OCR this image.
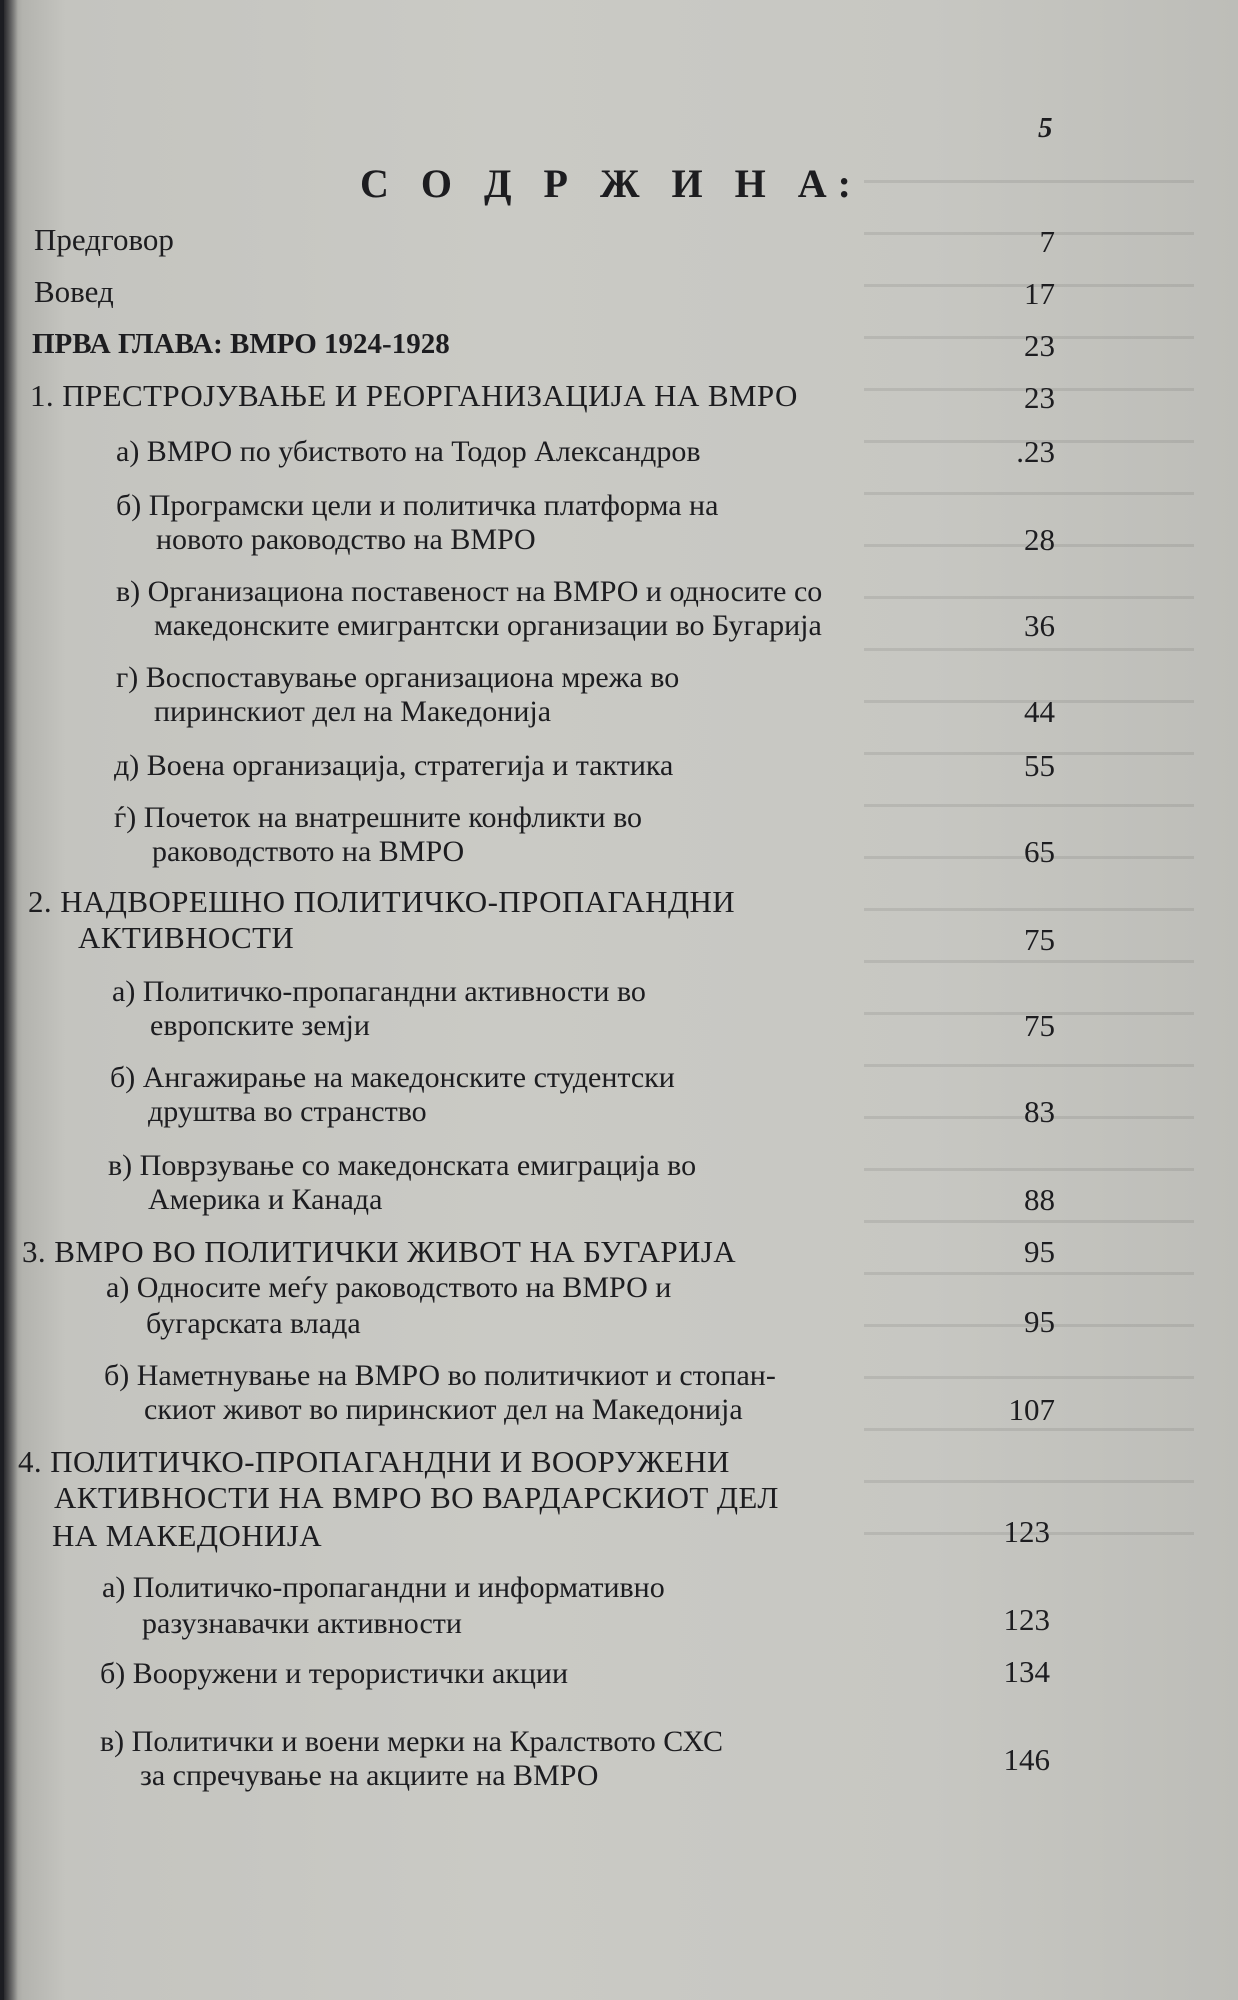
5
С О Д Р Ж И Н А:
Предговор	7
Вовед	17
ПРВА ГЛАВА: ВМРО 1924-1928	23
1. ПРЕСТРОЈУВАЊЕ И РЕОРГАНИЗАЦИЈА НА ВМРО	23
а) ВМРО по убиството на Тодор Александров	.23
б) Програмски цели и политичка платформа на
новото раководство на ВМРО	28
в) Организациона поставеност на ВМРО и односите со
македонските емигрантски организации во Бугарија	36
г) Воспоставување организациона мрежа во
пиринскиот дел на Македонија	44
д) Воена организација, стратегија и тактика	55
ѓ) Почеток на внатрешните конфликти во
раководството на ВМРО	65
2. НАДВОРЕШНО ПОЛИТИЧКО-ПРОПАГАНДНИ
АКТИВНОСТИ	75
а) Политичко-пропагандни активности во
европските земји	75
б) Ангажирање на македонските студентски
друштва во странство	83
в) Поврзување со македонската емиграција во
Америка и Канада	88
3. ВМРО ВО ПОЛИТИЧКИ ЖИВОТ НА БУГАРИЈА	95
а) Односите меѓу раководството на ВМРО и
бугарската влада	95
б) Наметнување на ВМРО во политичкиот и стопан-
скиот живот во пиринскиот дел на Македонија	107
4. ПОЛИТИЧКО-ПРОПАГАНДНИ И ВООРУЖЕНИ
АКТИВНОСТИ НА ВМРО ВО ВАРДАРСКИОТ ДЕЛ
НА МАКЕДОНИЈА	123
а) Политичко-пропагандни и информативно
разузнавачки активности	123
б) Вооружени и терористички акции	134
в) Политички и воени мерки на Кралството СХС
за спречување на акциите на ВМРО	146
